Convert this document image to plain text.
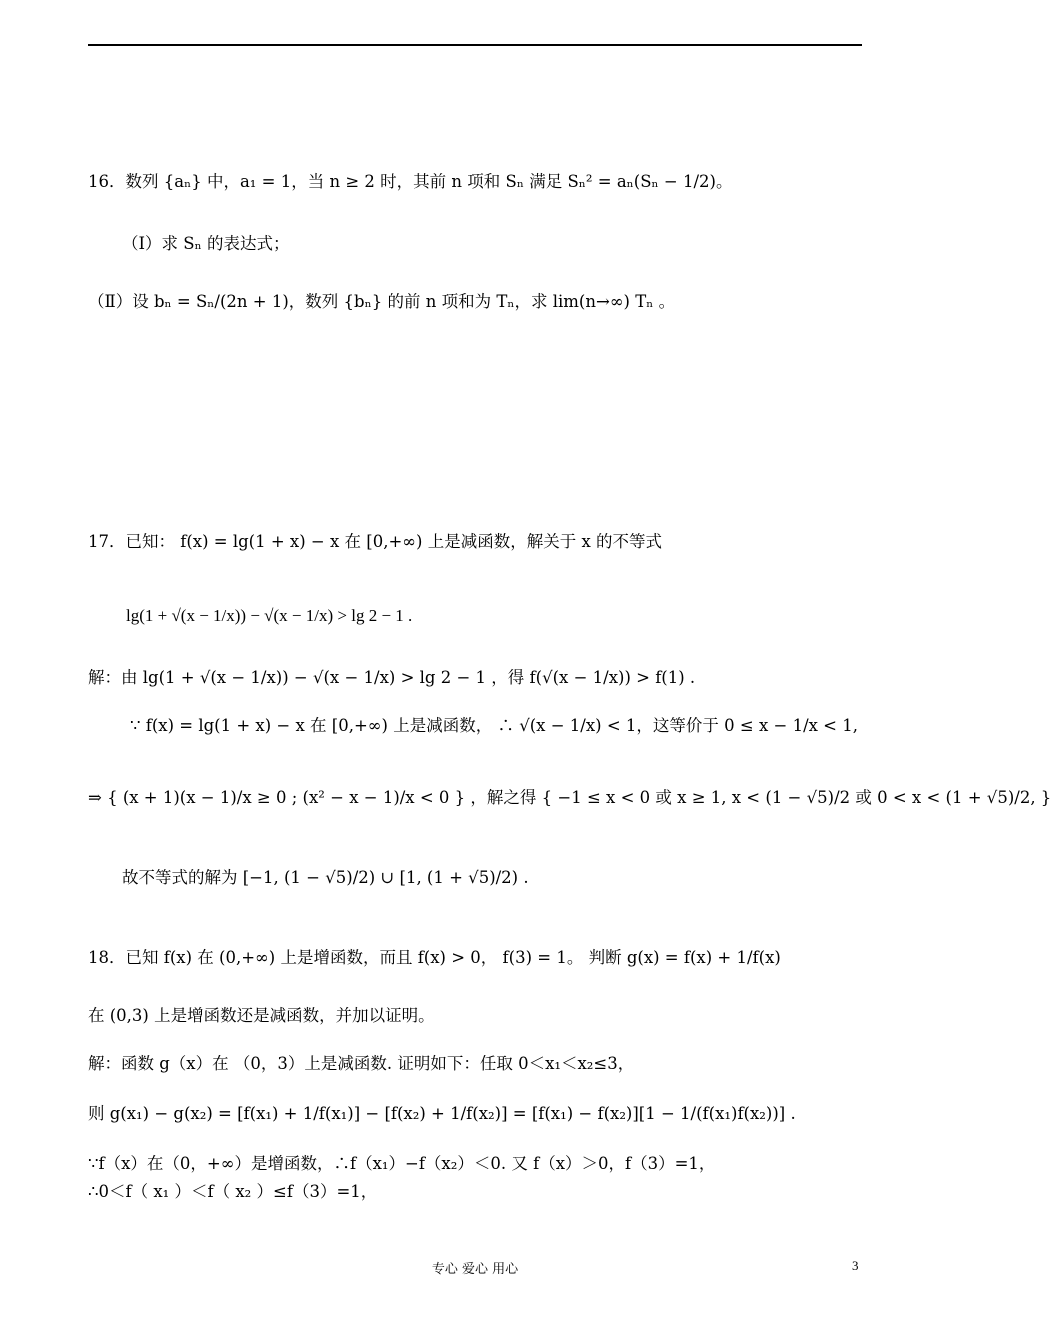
16．数列 {aₙ} 中，a₁ = 1，当 n ≥ 2 时，其前 n 项和 Sₙ 满足 Sₙ² = aₙ(Sₙ − 1/2)。
（Ⅰ）求 Sₙ 的表达式；
（Ⅱ）设 bₙ = Sₙ/(2n + 1)，数列 {bₙ} 的前 n 项和为 Tₙ，求 lim(n→∞) Tₙ 。
17．已知： f(x) = lg(1 + x) − x 在 [0,+∞) 上是减函数，解关于 x 的不等式
lg(1 + √(x − 1/x)) − √(x − 1/x) > lg 2 − 1 .
解：由 lg(1 + √(x − 1/x)) − √(x − 1/x) > lg 2 − 1 ，得 f(√(x − 1/x)) > f(1) .
∵ f(x) = lg(1 + x) − x 在 [0,+∞) 上是减函数， ∴ √(x − 1/x) < 1，这等价于 0 ≤ x − 1/x < 1,
⇒ { (x + 1)(x − 1)/x ≥ 0 ; (x² − x − 1)/x < 0 } ，解之得 { −1 ≤ x < 0 或 x ≥ 1, x < (1 − √5)/2 或 0 < x < (1 + √5)/2, }
故不等式的解为 [−1, (1 − √5)/2) ∪ [1, (1 + √5)/2) .
18．已知 f(x) 在 (0,+∞) 上是增函数，而且 f(x) > 0， f(3) = 1。 判断 g(x) = f(x) + 1/f(x)
在 (0,3) 上是增函数还是减函数，并加以证明。
解：函数 g（x）在 （0，3）上是减函数. 证明如下：任取 0＜x₁＜x₂≤3，
则 g(x₁) − g(x₂) = [f(x₁) + 1/f(x₁)] − [f(x₂) + 1/f(x₂)] = [f(x₁) − f(x₂)][1 − 1/(f(x₁)f(x₂))] .
∵f（x）在（0，+∞）是增函数，∴f（x₁）−f（x₂）＜0. 又 f（x）＞0，f（3）=1，
∴0＜f（ x₁ ）＜f（ x₂ ）≤f（3）=1，
专心 爱心 用心	3
